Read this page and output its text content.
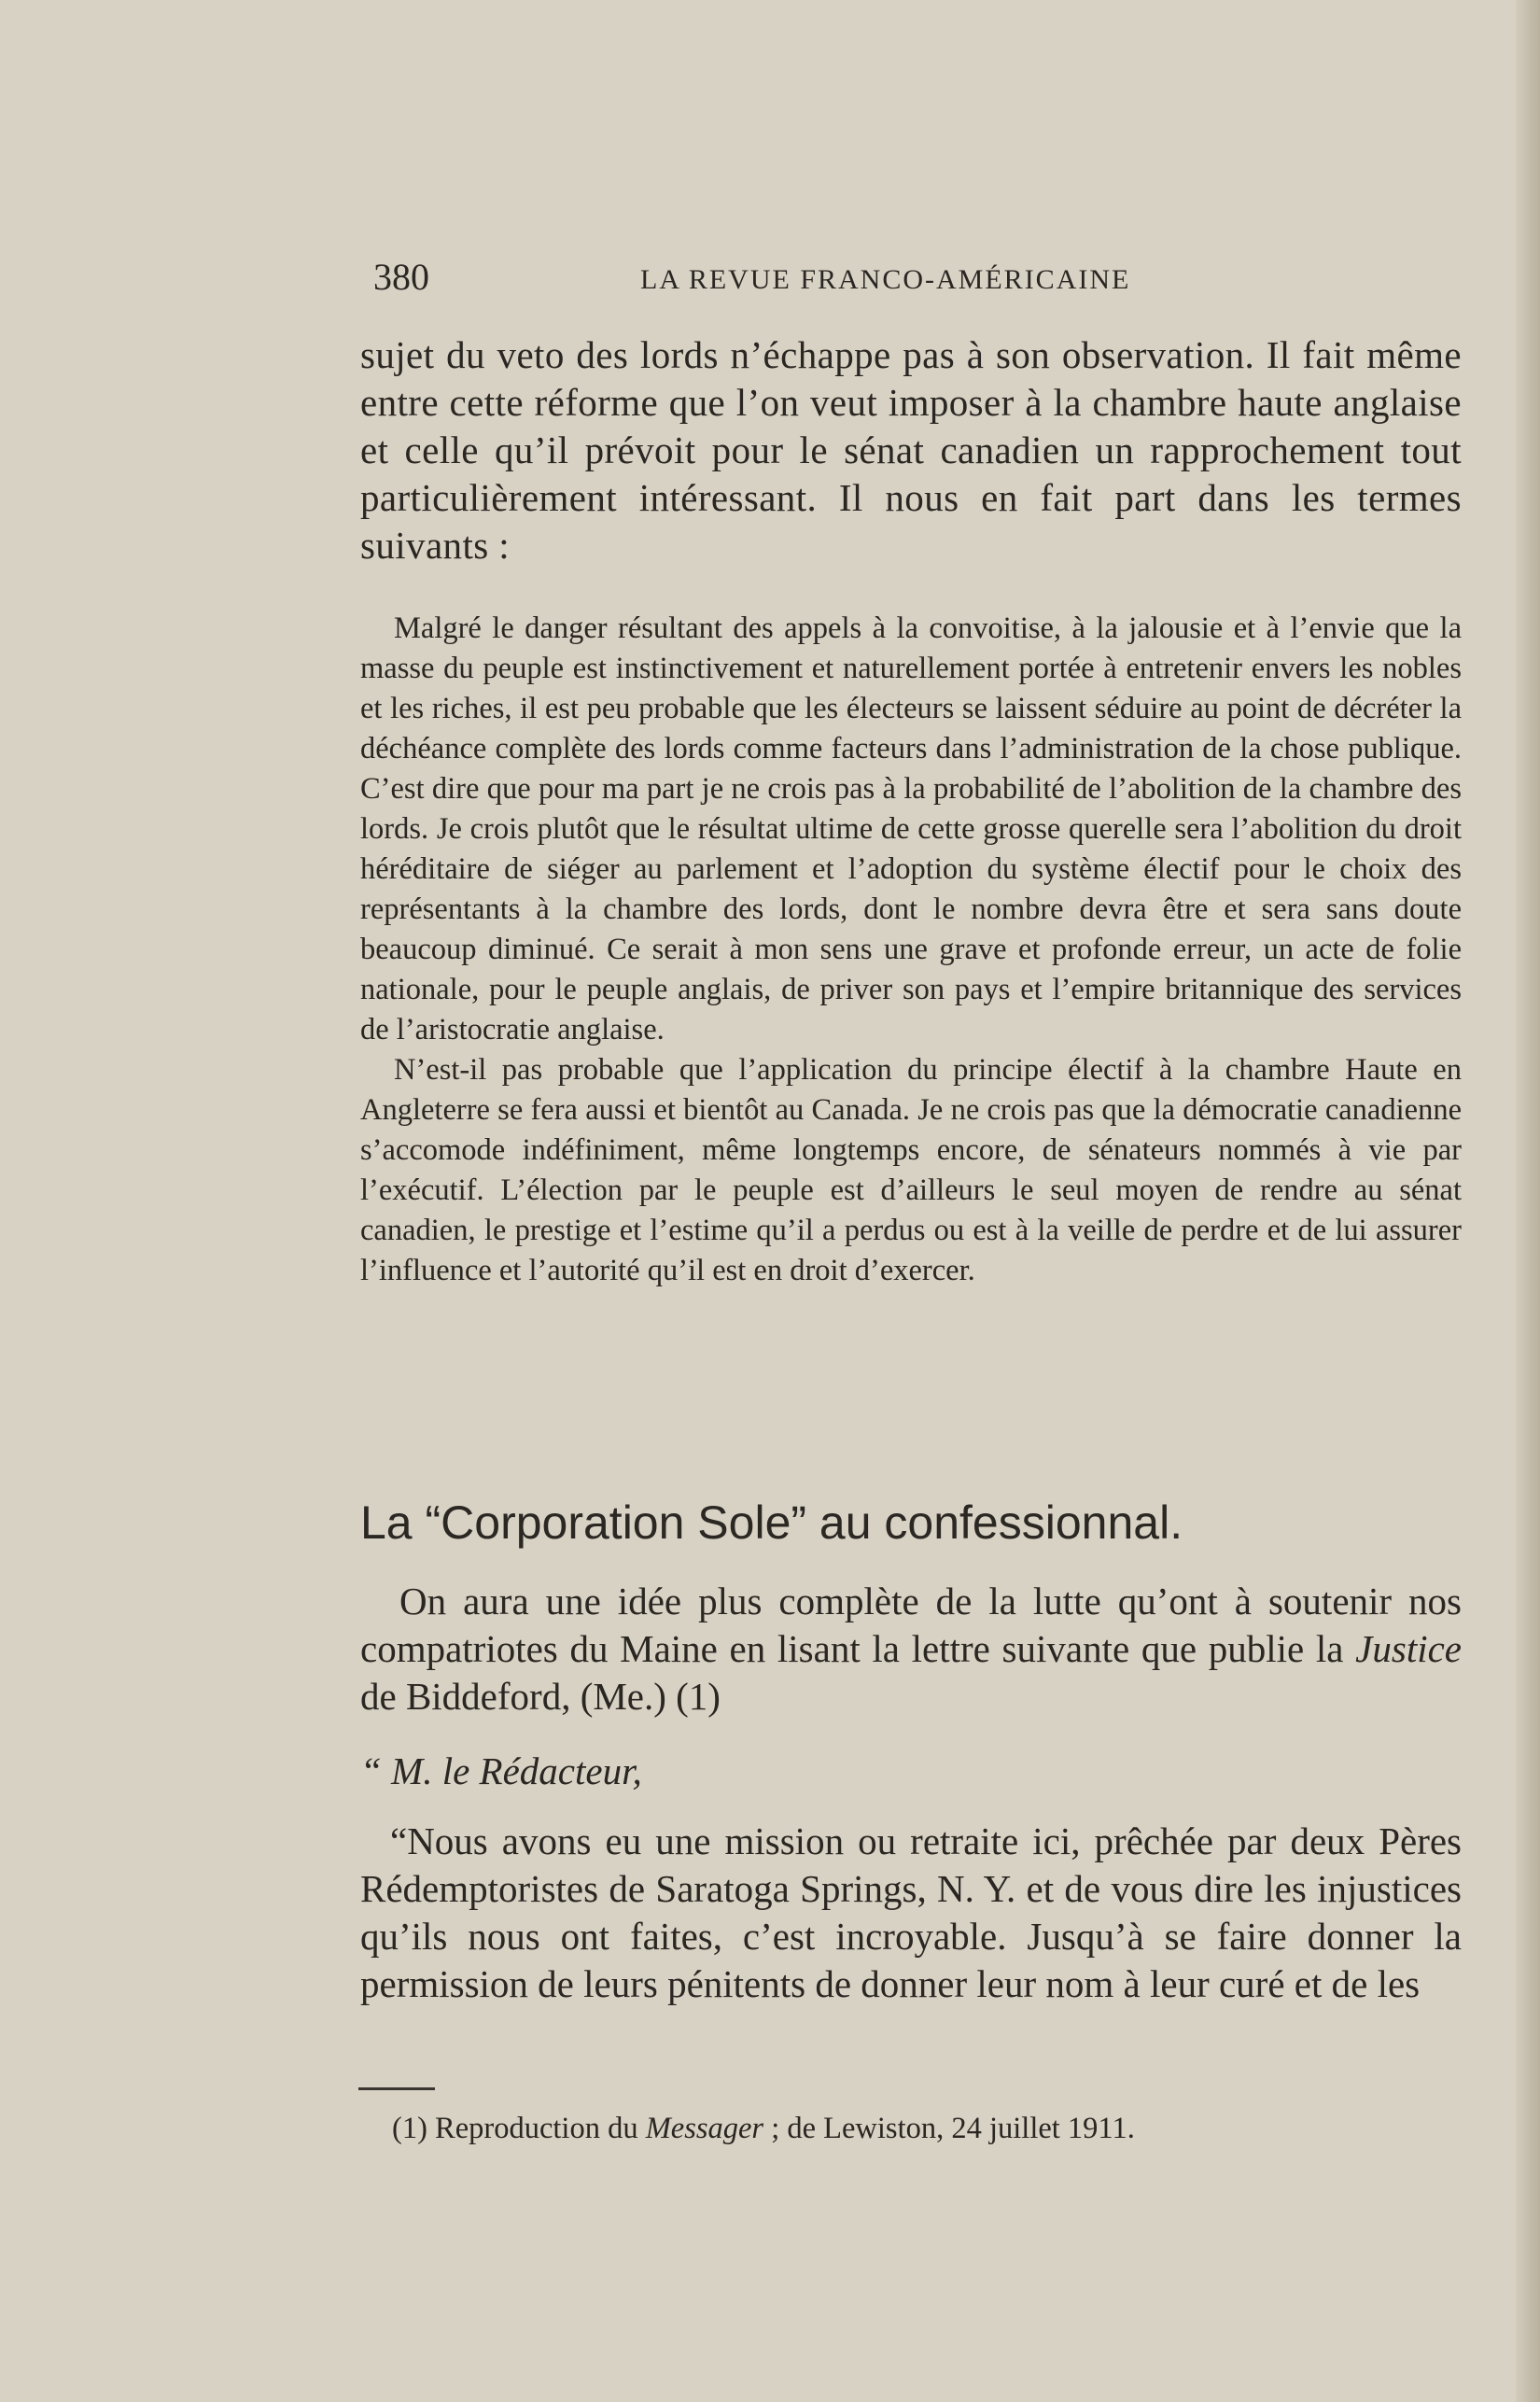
380	LA REVUE FRANCO-AMÉRICAINE

sujet du veto des lords n’échappe pas à son observation. Il fait même entre cette réforme que l’on veut imposer à la chambre haute anglaise et celle qu’il prévoit pour le sénat canadien un rapprochement tout particulièrement intéressant. Il nous en fait part dans les termes suivants :

Malgré le danger résultant des appels à la convoitise, à la jalousie et à l’envie que la masse du peuple est instinctivement et naturellement portée à entretenir envers les nobles et les riches, il est peu probable que les électeurs se laissent séduire au point de décréter la déchéance complète des lords comme facteurs dans l’administration de la chose publique. C’est dire que pour ma part je ne crois pas à la probabilité de l’abolition de la chambre des lords. Je crois plutôt que le résultat ultime de cette grosse querelle sera l’abolition du droit héréditaire de siéger au parlement et l’adoption du système électif pour le choix des représentants à la chambre des lords, dont le nombre devra être et sera sans doute beaucoup diminué. Ce serait à mon sens une grave et profonde erreur, un acte de folie nationale, pour le peuple anglais, de priver son pays et l’empire britannique des services de l’aristocratie anglaise.

N’est-il pas probable que l’application du principe électif à la chambre Haute en Angleterre se fera aussi et bientôt au Canada. Je ne crois pas que la démocratie canadienne s’accomode indéfiniment, même longtemps encore, de sénateurs nommés à vie par l’exécutif. L’élection par le peuple est d’ailleurs le seul moyen de rendre au sénat canadien, le prestige et l’estime qu’il a perdus ou est à la veille de perdre et de lui assurer l’influence et l’autorité qu’il est en droit d’exercer.

La “Corporation Sole” au confessionnal.

On aura une idée plus complète de la lutte qu’ont à soutenir nos compatriotes du Maine en lisant la lettre suivante que publie la Justice de Biddeford, (Me.) (1)

“ M. le Rédacteur,

“Nous avons eu une mission ou retraite ici, prêchée par deux Pères Rédemptoristes de Saratoga Springs, N. Y. et de vous dire les injustices qu’ils nous ont faites, c’est incroyable. Jusqu’à se faire donner la permission de leurs pénitents de donner leur nom à leur curé et de les

(1) Reproduction du Messager ; de Lewiston, 24 juillet 1911.
